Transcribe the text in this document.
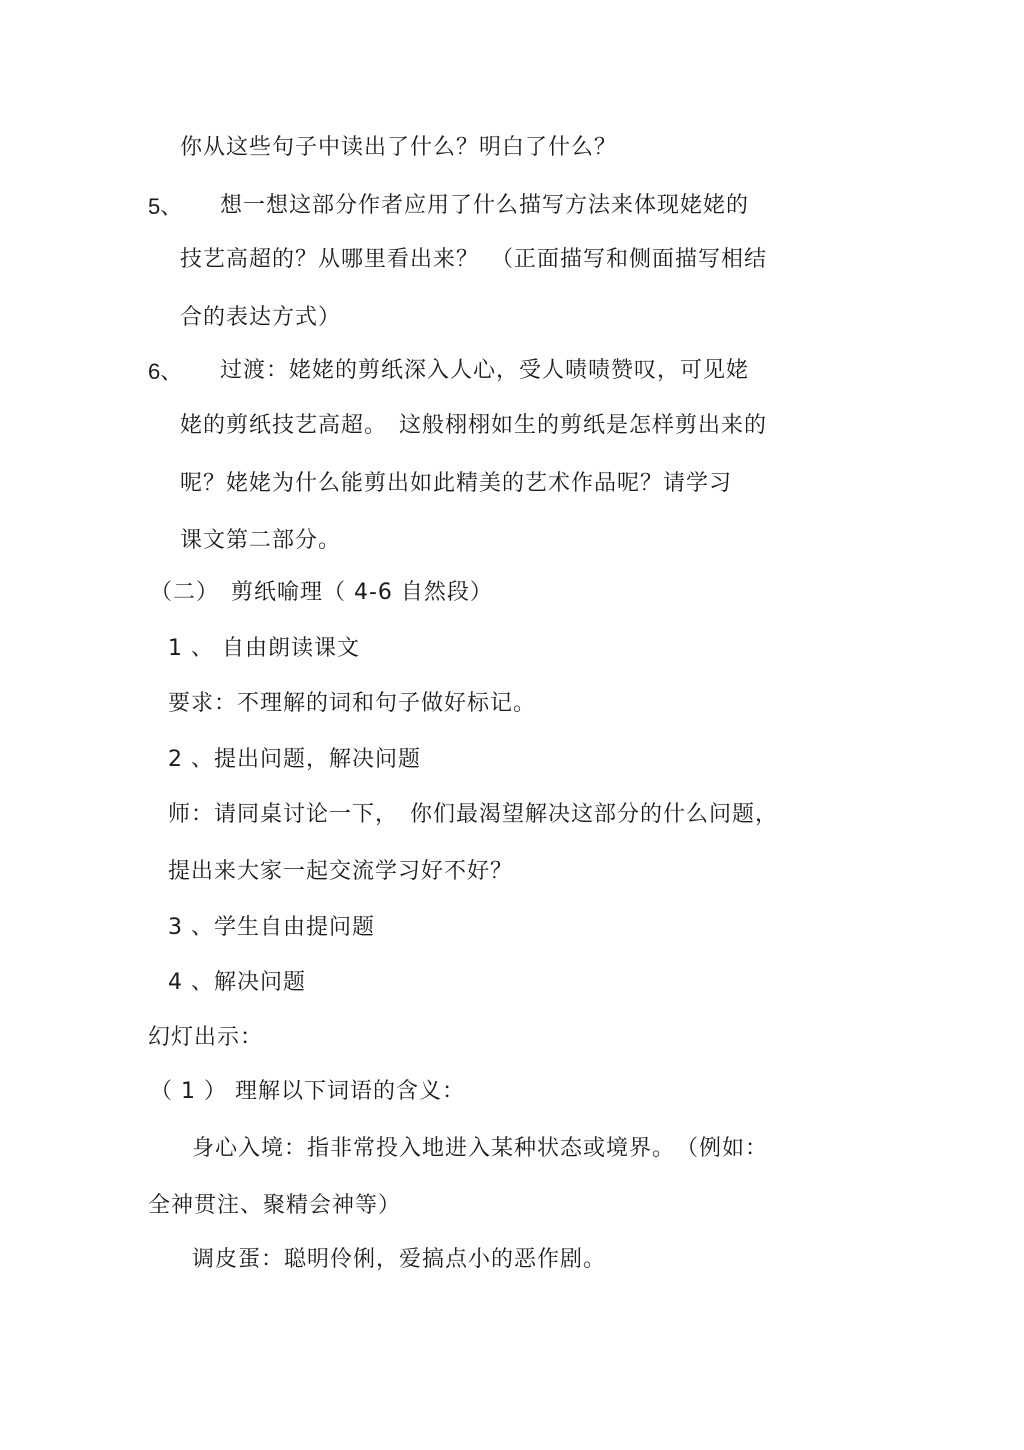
你从这些句子中读出了什么？明白了什么？
5、 想一想这部分作者应用了什么描写方法来体现姥姥的
技艺高超的？从哪里看出来？　（正面描写和侧面描写相结
合的表达方式）
6、 过渡：姥姥的剪纸深入人心，受人啧啧赞叹，可见姥
姥的剪纸技艺高超。　这般栩栩如生的剪纸是怎样剪出来的
呢？姥姥为什么能剪出如此精美的艺术作品呢？请学习
课文第二部分。
（二）　剪纸喻理（ 4-6 自然段）
1 、 自由朗读课文
要求：不理解的词和句子做好标记。
2 、提出问题，解决问题
师：请同桌讨论一下，　你们最渴望解决这部分的什么问题，
提出来大家一起交流学习好不好？
3 、学生自由提问题
4 、解决问题
幻灯出示：
（ 1 ） 理解以下词语的含义：
身心入境：指非常投入地进入某种状态或境界。　（例如：
全神贯注、聚精会神等）
调皮蛋：聪明伶俐，爱搞点小的恶作剧。
